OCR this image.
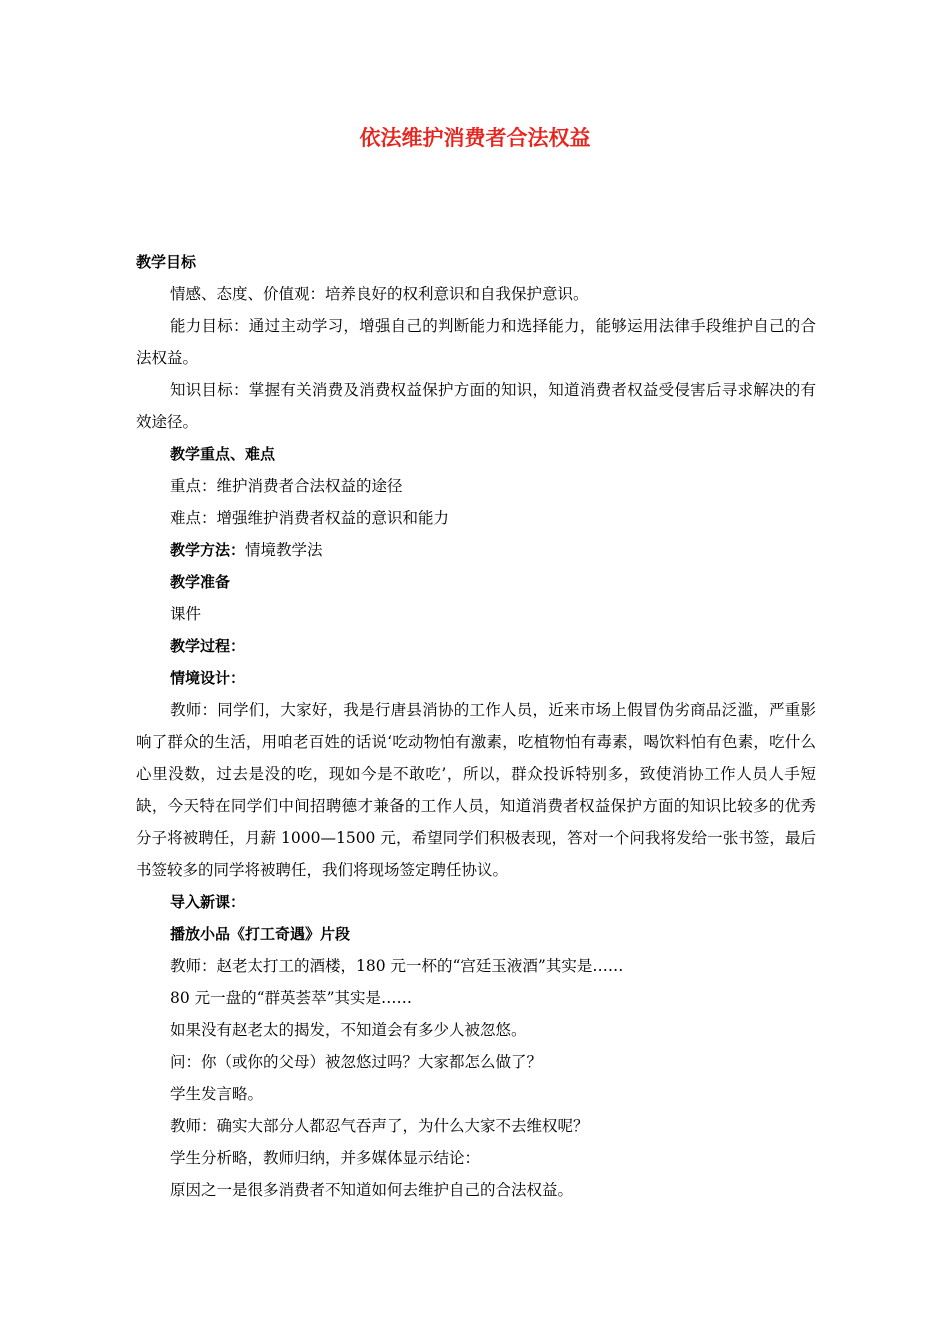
依法维护消费者合法权益

教学目标

情感、态度、价值观：培养良好的权利意识和自我保护意识。

能力目标：通过主动学习，增强自己的判断能力和选择能力，能够运用法律手段维护自己的合法权益。

知识目标：掌握有关消费及消费权益保护方面的知识，知道消费者权益受侵害后寻求解决的有效途径。

教学重点、难点

重点：维护消费者合法权益的途径

难点：增强维护消费者权益的意识和能力

教学方法：情境教学法

教学准备

课件

教学过程：

情境设计：

教师：同学们，大家好，我是行唐县消协的工作人员，近来市场上假冒伪劣商品泛滥，严重影响了群众的生活，用咱老百姓的话说‘吃动物怕有激素，吃植物怕有毒素，喝饮料怕有色素，吃什么心里没数，过去是没的吃，现如今是不敢吃’，所以，群众投诉特别多，致使消协工作人员人手短缺，今天特在同学们中间招聘德才兼备的工作人员，知道消费者权益保护方面的知识比较多的优秀分子将被聘任，月薪 1000—1500 元，希望同学们积极表现，答对一个问我将发给一张书签，最后书签较多的同学将被聘任，我们将现场签定聘任协议。

导入新课：

播放小品《打工奇遇》片段

教师：赵老太打工的酒楼，180 元一杯的“宫廷玉液酒”其实是……

80 元一盘的“群英荟萃”其实是……

如果没有赵老太的揭发，不知道会有多少人被忽悠。

问：你（或你的父母）被忽悠过吗？大家都怎么做了？

学生发言略。

教师：确实大部分人都忍气吞声了，为什么大家不去维权呢？

学生分析略，教师归纳，并多媒体显示结论：

原因之一是很多消费者不知道如何去维护自己的合法权益。
